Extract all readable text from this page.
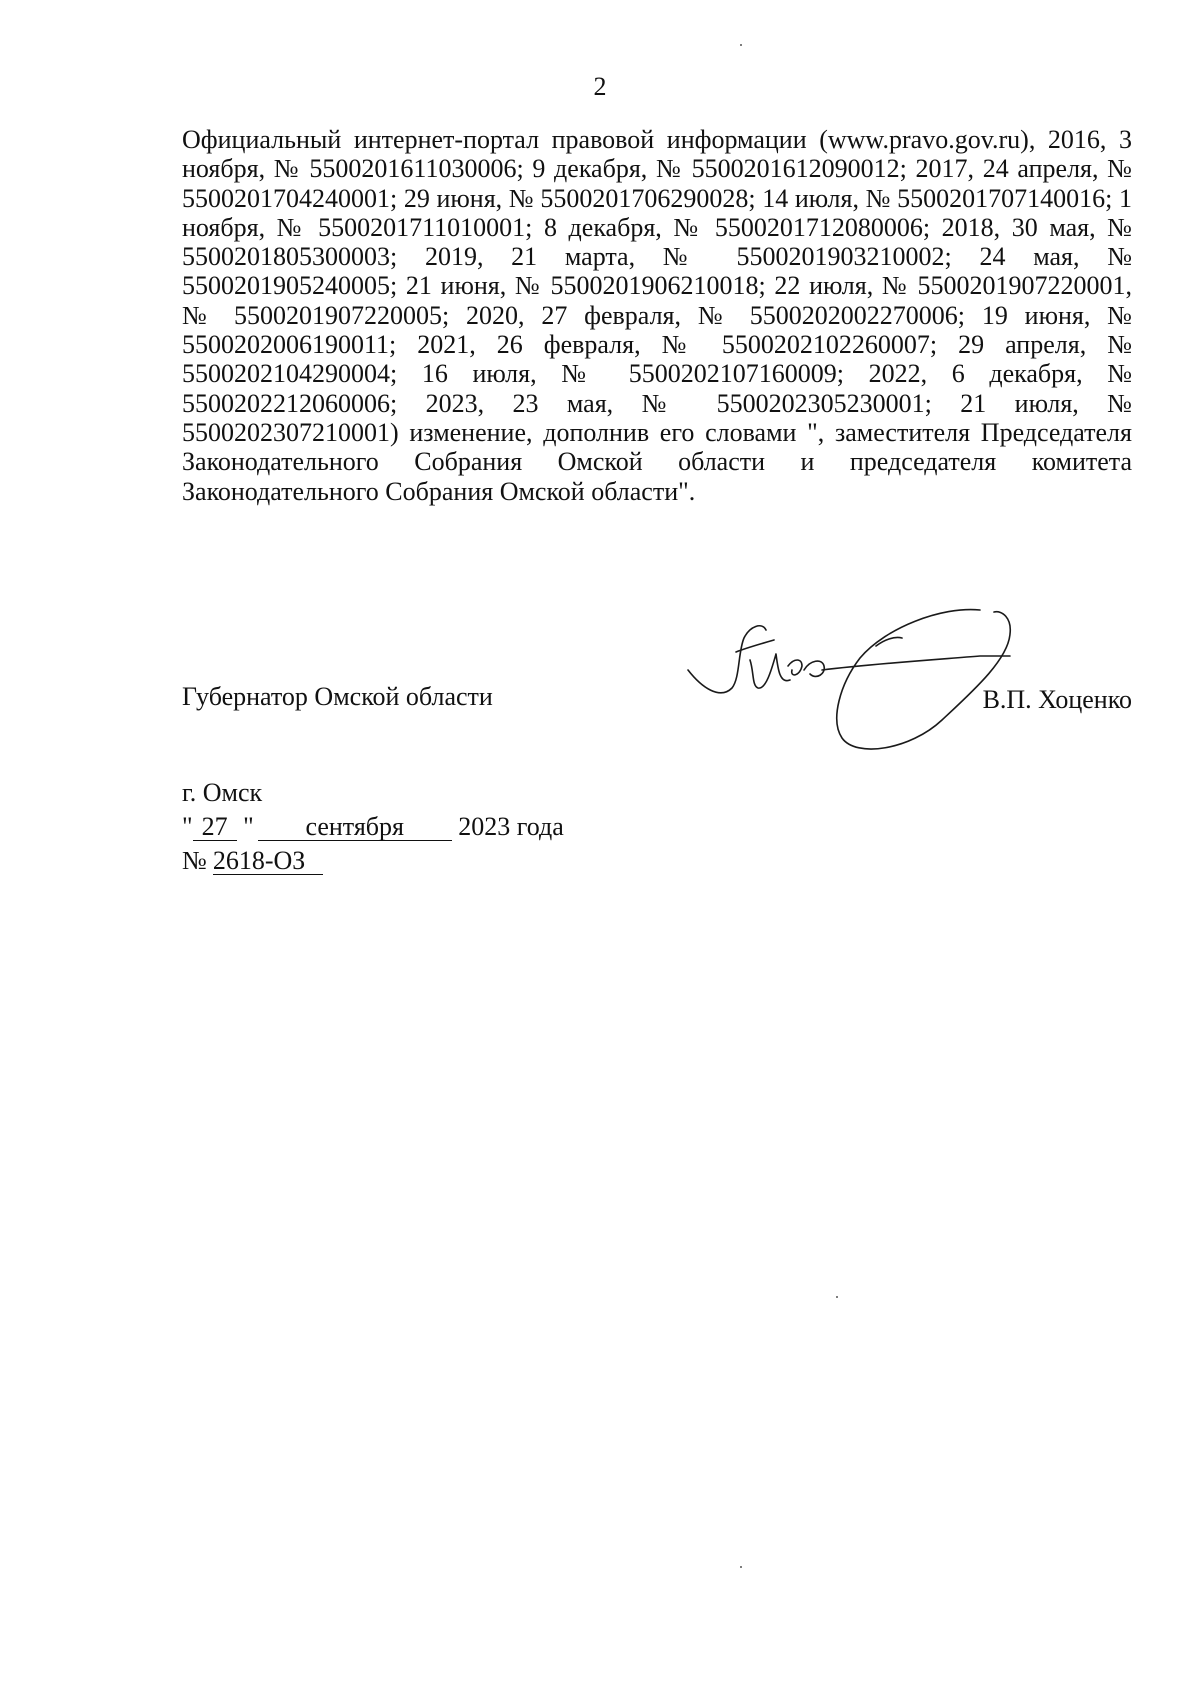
2

Официальный интернет-портал правовой информации (www.pravo.gov.ru), 2016, 3 ноября, № 5500201611030006; 9 декабря, № 5500201612090012; 2017, 24 апреля, № 5500201704240001; 29 июня, № 5500201706290028; 14 июля, № 5500201707140016; 1 ноября, № 5500201711010001; 8 декабря, № 5500201712080006; 2018, 30 мая, № 5500201805300003; 2019, 21 марта, № 5500201903210002; 24 мая, № 5500201905240005; 21 июня, № 5500201906210018; 22 июля, № 5500201907220001, № 5500201907220005; 2020, 27 февраля, № 5500202002270006; 19 июня, № 5500202006190011; 2021, 26 февраля, № 5500202102260007; 29 апреля, № 5500202104290004; 16 июля, № 5500202107160009; 2022, 6 декабря, № 5500202212060006; 2023, 23 мая, № 5500202305230001; 21 июля, № 5500202307210001) изменение, дополнив его словами ", заместителя Председателя Законодательного Собрания Омской области и председателя комитета Законодательного Собрания Омской области".

Губернатор Омской области	В.П. Хоценко
г. Омск
" 27 " сентября 2023 года
№ 2618-ОЗ
